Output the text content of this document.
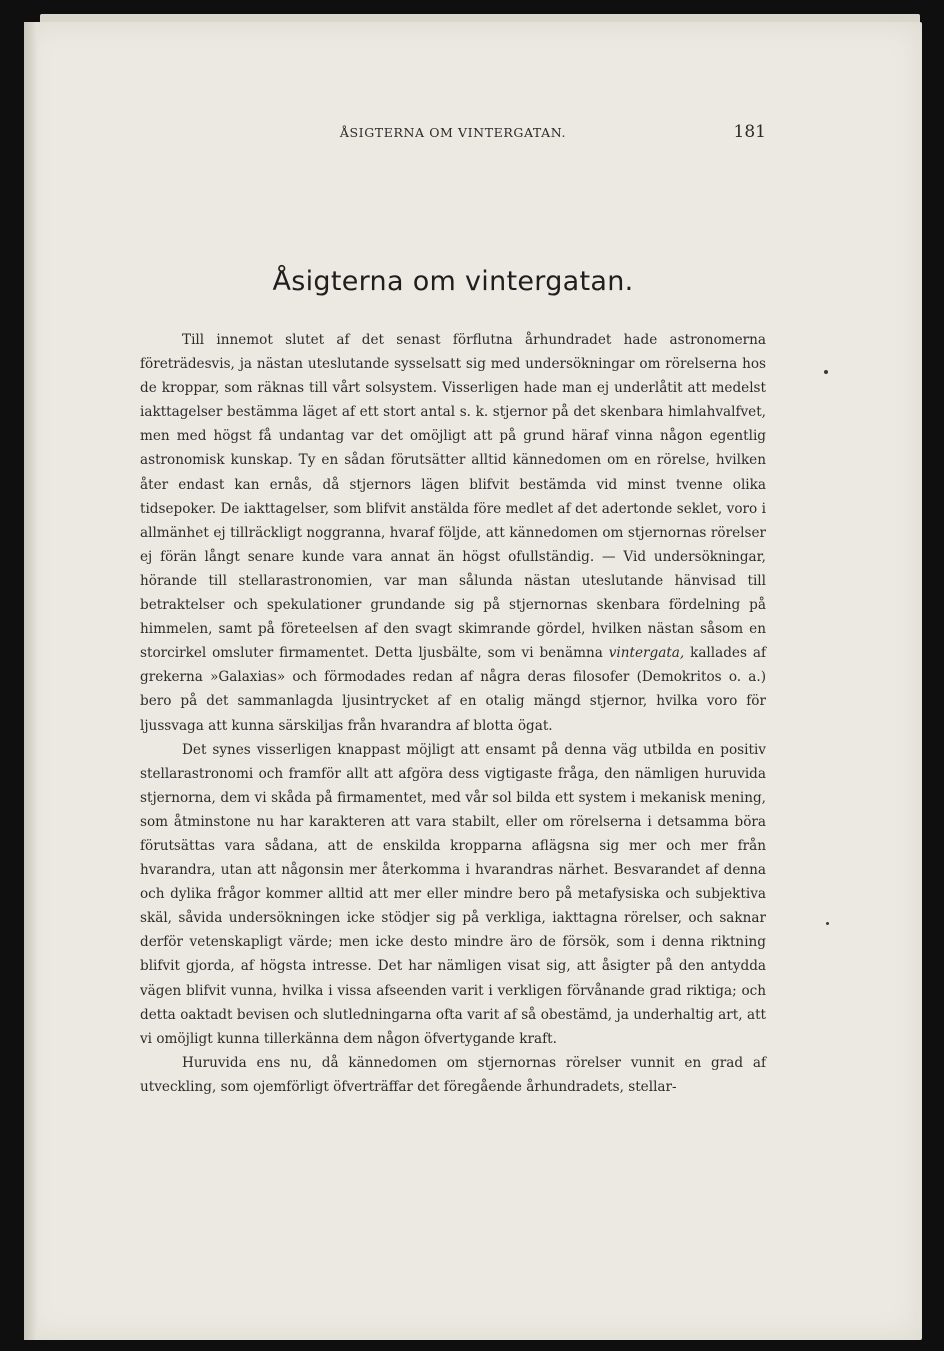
ÅSIGTERNA OM VINTERGATAN.	181
Åsigterna om vintergatan.

Till innemot slutet af det senast förflutna århundradet hade astronomerna företrädesvis, ja nästan uteslutande sysselsatt sig med undersökningar om rörelserna hos de kroppar, som räknas till vårt solsystem. Visserligen hade man ej underlåtit att medelst iakttagelser bestämma läget af ett stort antal s. k. stjernor på det skenbara himlahvalfvet, men med högst få undantag var det omöjligt att på grund häraf vinna någon egentlig astronomisk kunskap. Ty en sådan förutsätter alltid kännedomen om en rörelse, hvilken åter endast kan ernås, då stjernors lägen blifvit bestämda vid minst tvenne olika tidsepoker. De iakttagelser, som blifvit anstälda före medlet af det adertonde seklet, voro i allmänhet ej tillräckligt noggranna, hvaraf följde, att kännedomen om stjernornas rörelser ej förän långt senare kunde vara annat än högst ofullständig. — Vid undersökningar, hörande till stellarastronomien, var man sålunda nästan uteslutande hänvisad till betraktelser och spekulationer grundande sig på stjernornas skenbara fördelning på himmelen, samt på företeelsen af den svagt skimrande gördel, hvilken nästan såsom en storcirkel omsluter firmamentet. Detta ljusbälte, som vi benämna vintergata, kallades af grekerna »Galaxias» och förmodades redan af några deras filosofer (Demokritos o. a.) bero på det sammanlagda ljusintrycket af en otalig mängd stjernor, hvilka voro för ljussvaga att kunna särskiljas från hvarandra af blotta ögat.

Det synes visserligen knappast möjligt att ensamt på denna väg utbilda en positiv stellarastronomi och framför allt att afgöra dess vigtigaste fråga, den nämligen huruvida stjernorna, dem vi skåda på firmamentet, med vår sol bilda ett system i mekanisk mening, som åtminstone nu har karakteren att vara stabilt, eller om rörelserna i detsamma böra förutsättas vara sådana, att de enskilda kropparna aflägsna sig mer och mer från hvarandra, utan att någonsin mer återkomma i hvarandras närhet. Besvarandet af denna och dylika frågor kommer alltid att mer eller mindre bero på metafysiska och subjektiva skäl, såvida undersökningen icke stödjer sig på verkliga, iakttagna rörelser, och saknar derför vetenskapligt värde; men icke desto mindre äro de försök, som i denna riktning blifvit gjorda, af högsta intresse. Det har nämligen visat sig, att åsigter på den antydda vägen blifvit vunna, hvilka i vissa afseenden varit i verkligen förvånande grad riktiga; och detta oaktadt bevisen och slutledningarna ofta varit af så obestämd, ja underhaltig art, att vi omöjligt kunna tillerkänna dem någon öfvertygande kraft.

Huruvida ens nu, då kännedomen om stjernornas rörelser vunnit en grad af utveckling, som ojemförligt öfverträffar det föregående århundradets, stellar-
